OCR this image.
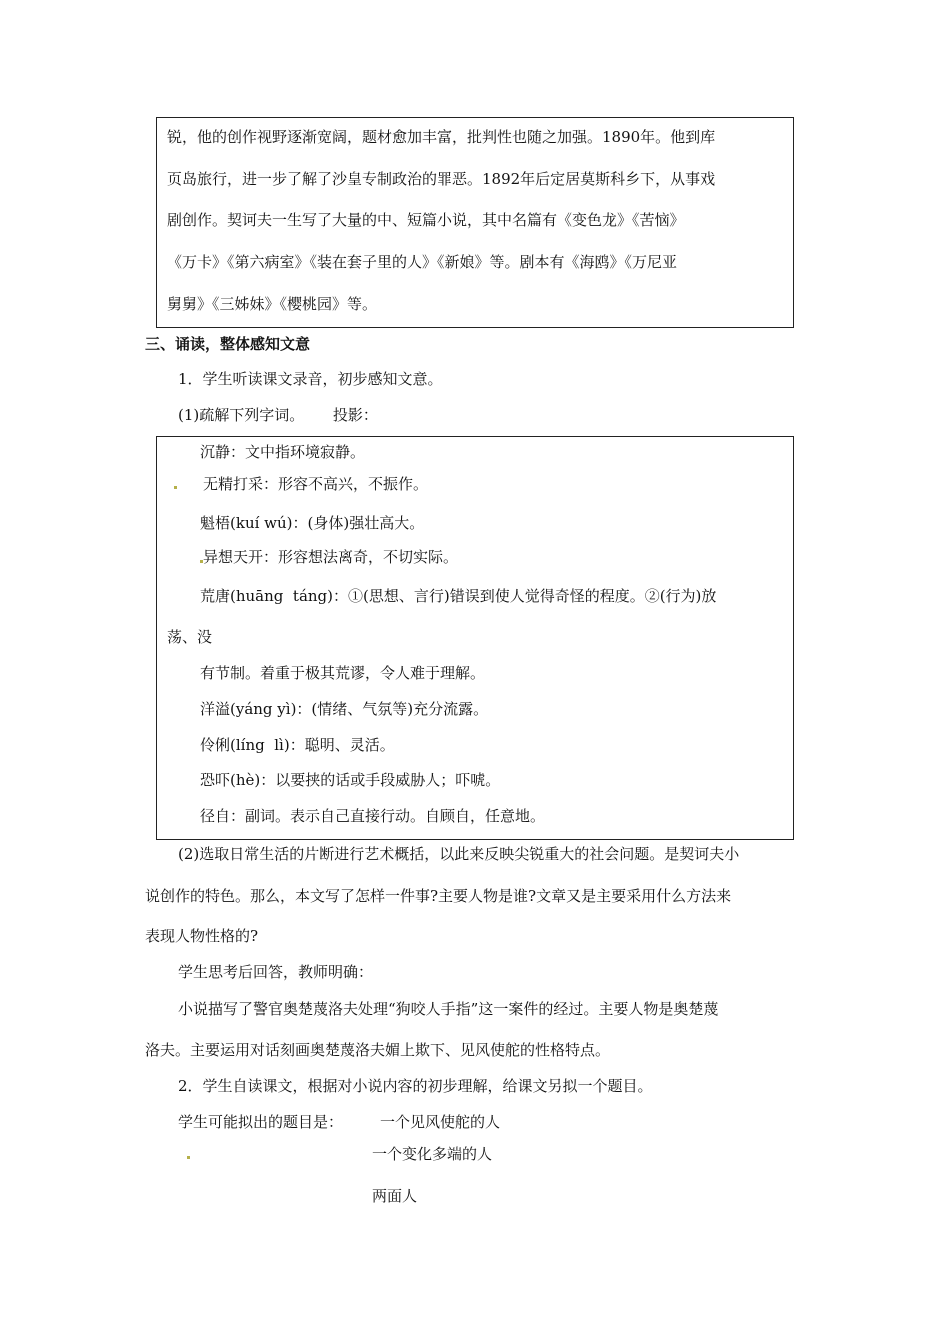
锐，他的创作视野逐渐宽阔，题材愈加丰富，批判性也随之加强。1890年。他到库
页岛旅行，进一步了解了沙皇专制政治的罪恶。1892年后定居莫斯科乡下，从事戏
剧创作。契诃夫一生写了大量的中、短篇小说，其中名篇有《变色龙》《苦恼》
《万卡》《第六病室》《装在套子里的人》《新娘》等。剧本有《海鸥》《万尼亚
舅舅》《三姊妹》《樱桃园》等。
三、诵读，整体感知文意
1．学生听读课文录音，初步感知文意。
(1)疏解下列字词。      投影：
沉静：文中指环境寂静。
无精打采：形容不高兴，不振作。
魁梧(kuí wú)：(身体)强壮高大。
异想天开：形容想法离奇，不切实际。
荒唐(huāng  táng)：①(思想、言行)错误到使人觉得奇怪的程度。②(行为)放
荡、没
有节制。着重于极其荒谬，令人难于理解。
洋溢(yáng yì)：(情绪、气氛等)充分流露。
伶俐(líng  lì)：聪明、灵活。
恐吓(hè)：以要挟的话或手段威胁人；吓唬。
径自：副词。表示自己直接行动。自顾自，任意地。
(2)选取日常生活的片断进行艺术概括，以此来反映尖锐重大的社会问题。是契诃夫小
说创作的特色。那么，本文写了怎样一件事?主要人物是谁?文章又是主要采用什么方法来
表现人物性格的?
学生思考后回答，教师明确：
小说描写了警官奥楚蔑洛夫处理“狗咬人手指”这一案件的经过。主要人物是奥楚蔑
洛夫。主要运用对话刻画奥楚蔑洛夫媚上欺下、见风使舵的性格特点。
2．学生自读课文，根据对小说内容的初步理解，给课文另拟一个题目。
学生可能拟出的题目是： 一个见风使舵的人
一个变化多端的人
两面人
